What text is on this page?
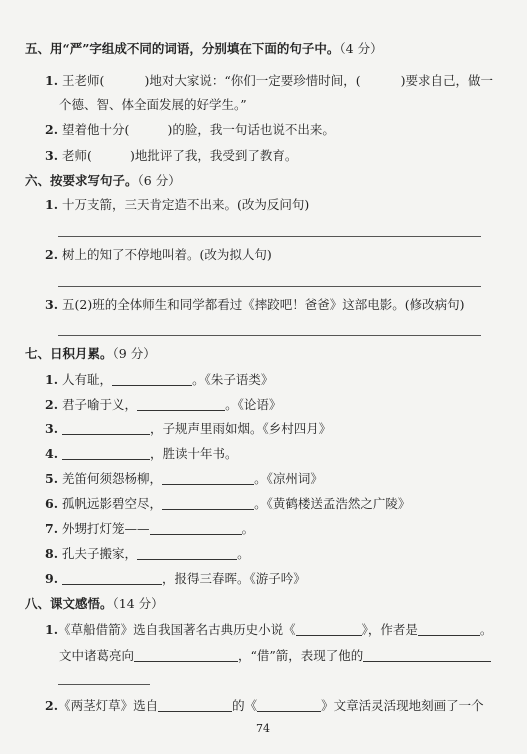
五、用“严”字组成不同的词语，分别填在下面的句子中。（4 分）
1. 王老师(	)地对大家说：“你们一定要珍惜时间，(	)要求自己，做一
个德、智、体全面发展的好学生。”
2. 望着他十分(	)的脸，我一句话也说不出来。
3. 老师(	)地批评了我，我受到了教育。
六、按要求写句子。（6 分）
1. 十万支箭，三天肯定造不出来。(改为反问句)
2. 树上的知了不停地叫着。(改为拟人句)
3. 五(2)班的全体师生和同学都看过《摔跤吧！爸爸》这部电影。(修改病句)
七、日积月累。（9 分）
1. 人有耻，	。《朱子语类》
2. 君子喻于义，	。《论语》
3.	，子规声里雨如烟。《乡村四月》
4.	，胜读十年书。
5. 羌笛何须怨杨柳，	。《凉州词》
6. 孤帆远影碧空尽，	。《黄鹤楼送孟浩然之广陵》
7. 外甥打灯笼——	。
8. 孔夫子搬家，	。
9.	，报得三春晖。《游子吟》
八、课文感悟。（14 分）
1.《草船借箭》选自我国著名古典历史小说《	》，作者是	。
文中诸葛亮向	，“借”箭，表现了他的
2.《两茎灯草》选自	的《	》文章活灵活现地刻画了一个
74
